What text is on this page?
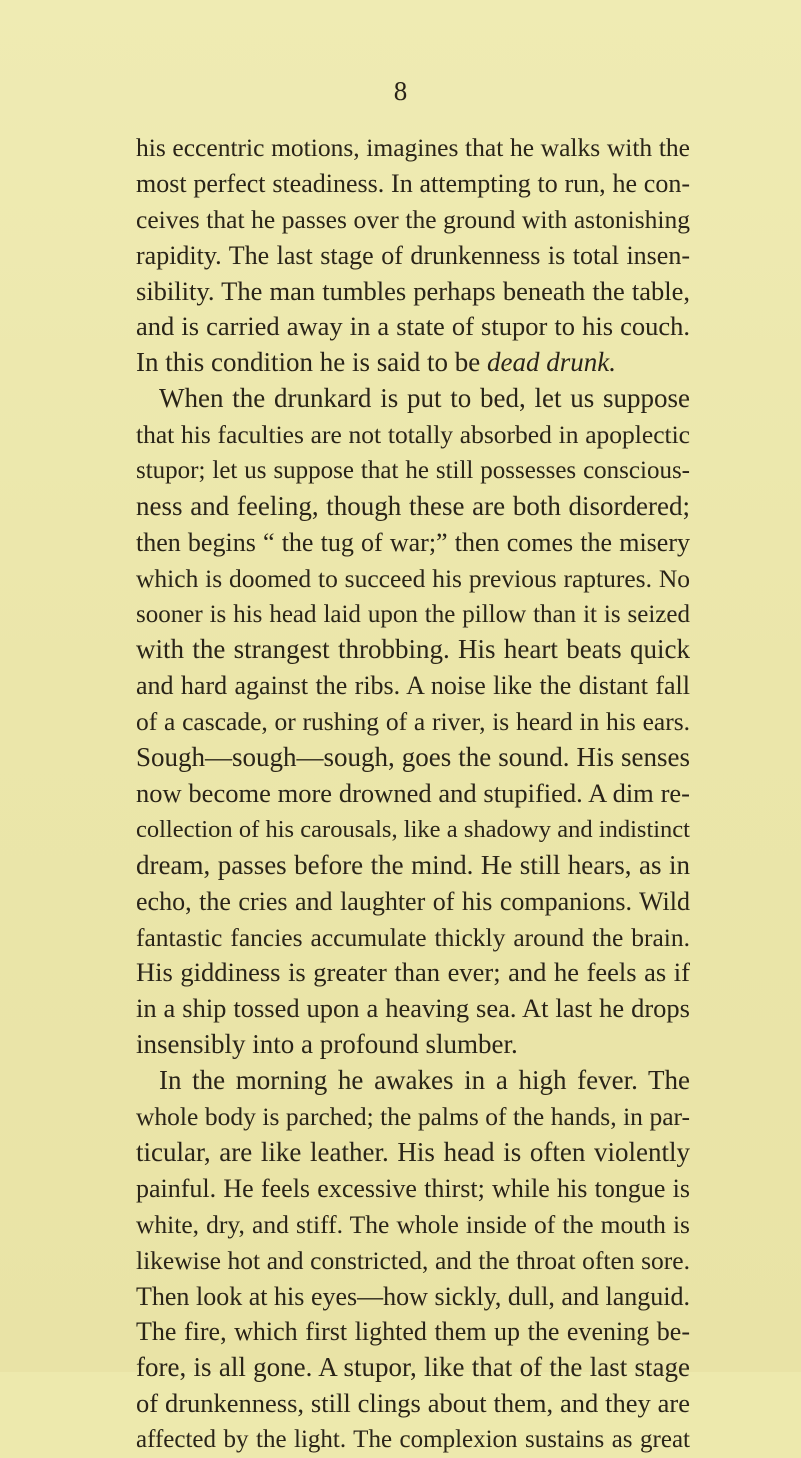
8
his eccentric motions, imagines that he walks with the
most perfect steadiness. In attempting to run, he con-
ceives that he passes over the ground with astonishing
rapidity. The last stage of drunkenness is total insen-
sibility. The man tumbles perhaps beneath the table,
and is carried away in a state of stupor to his couch.
In this condition he is said to be dead drunk.
When the drunkard is put to bed, let us suppose
that his faculties are not totally absorbed in apoplectic
stupor; let us suppose that he still possesses conscious-
ness and feeling, though these are both disordered;
then begins “ the tug of war;” then comes the misery
which is doomed to succeed his previous raptures. No
sooner is his head laid upon the pillow than it is seized
with the strangest throbbing. His heart beats quick
and hard against the ribs. A noise like the distant fall
of a cascade, or rushing of a river, is heard in his ears.
Sough—sough—sough, goes the sound. His senses
now become more drowned and stupified. A dim re-
collection of his carousals, like a shadowy and indistinct
dream, passes before the mind. He still hears, as in
echo, the cries and laughter of his companions. Wild
fantastic fancies accumulate thickly around the brain.
His giddiness is greater than ever; and he feels as if
in a ship tossed upon a heaving sea. At last he drops
insensibly into a profound slumber.
In the morning he awakes in a high fever. The
whole body is parched; the palms of the hands, in par-
ticular, are like leather. His head is often violently
painful. He feels excessive thirst; while his tongue is
white, dry, and stiff. The whole inside of the mouth is
likewise hot and constricted, and the throat often sore.
Then look at his eyes—how sickly, dull, and languid.
The fire, which first lighted them up the evening be-
fore, is all gone. A stupor, like that of the last stage
of drunkenness, still clings about them, and they are
affected by the light. The complexion sustains as great
